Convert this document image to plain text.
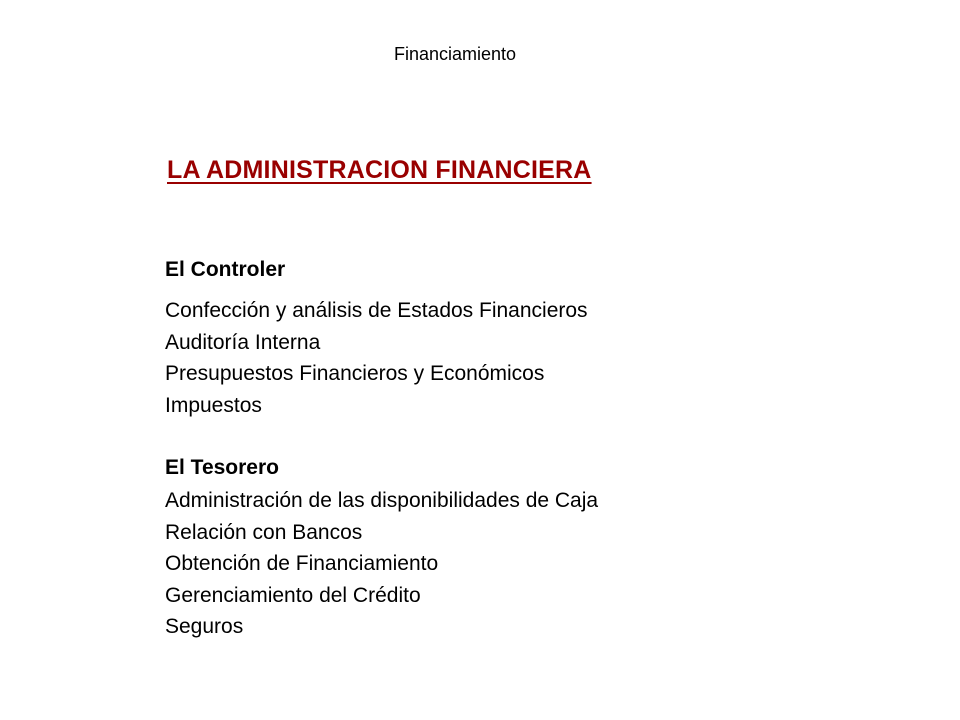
Financiamiento
LA ADMINISTRACION FINANCIERA
El Controler
Confección y análisis de Estados Financieros
Auditoría Interna
Presupuestos Financieros y Económicos
Impuestos
El Tesorero
Administración de las disponibilidades de Caja
Relación con Bancos
Obtención de Financiamiento
Gerenciamiento del Crédito
Seguros
